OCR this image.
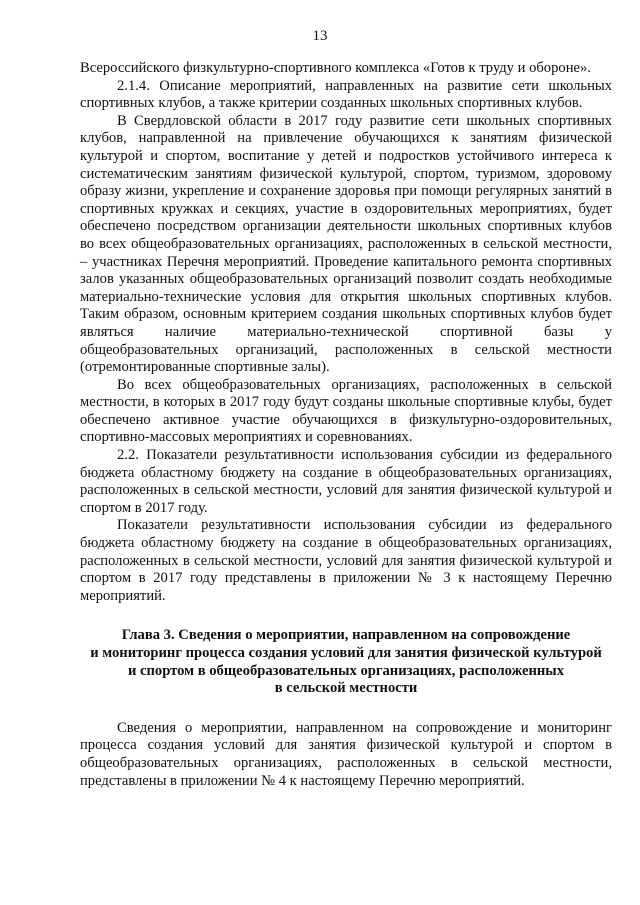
13

Всероссийского физкультурно-спортивного комплекса «Готов к труду и обороне».

2.1.4. Описание мероприятий, направленных на развитие сети школьных спортивных клубов, а также критерии созданных школьных спортивных клубов.

В Свердловской области в 2017 году развитие сети школьных спортивных клубов, направленной на привлечение обучающихся к занятиям физической культурой и спортом, воспитание у детей и подростков устойчивого интереса к систематическим занятиям физической культурой, спортом, туризмом, здоровому образу жизни, укрепление и сохранение здоровья при помощи регулярных занятий в спортивных кружках и секциях, участие в оздоровительных мероприятиях, будет обеспечено посредством организации деятельности школьных спортивных клубов во всех общеобразовательных организациях, расположенных в сельской местности, – участниках Перечня мероприятий. Проведение капитального ремонта спортивных залов указанных общеобразовательных организаций позволит создать необходимые материально-технические условия для открытия школьных спортивных клубов. Таким образом, основным критерием создания школьных спортивных клубов будет являться наличие материально-технической спортивной базы у общеобразовательных организаций, расположенных в сельской местности (отремонтированные спортивные залы).

Во всех общеобразовательных организациях, расположенных в сельской местности, в которых в 2017 году будут созданы школьные спортивные клубы, будет обеспечено активное участие обучающихся в физкультурно-оздоровительных, спортивно-массовых мероприятиях и соревнованиях.

2.2. Показатели результативности использования субсидии из федерального бюджета областному бюджету на создание в общеобразовательных организациях, расположенных в сельской местности, условий для занятия физической культурой и спортом в 2017 году.

Показатели результативности использования субсидии из федерального бюджета областному бюджету на создание в общеобразовательных организациях, расположенных в сельской местности, условий для занятия физической культурой и спортом в 2017 году представлены в приложении № 3 к настоящему Перечню мероприятий.

Глава 3. Сведения о мероприятии, направленном на сопровождение
и мониторинг процесса создания условий для занятия физической культурой
и спортом в общеобразовательных организациях, расположенных
в сельской местности

Сведения о мероприятии, направленном на сопровождение и мониторинг процесса создания условий для занятия физической культурой и спортом в общеобразовательных организациях, расположенных в сельской местности, представлены в приложении № 4 к настоящему Перечню мероприятий.
